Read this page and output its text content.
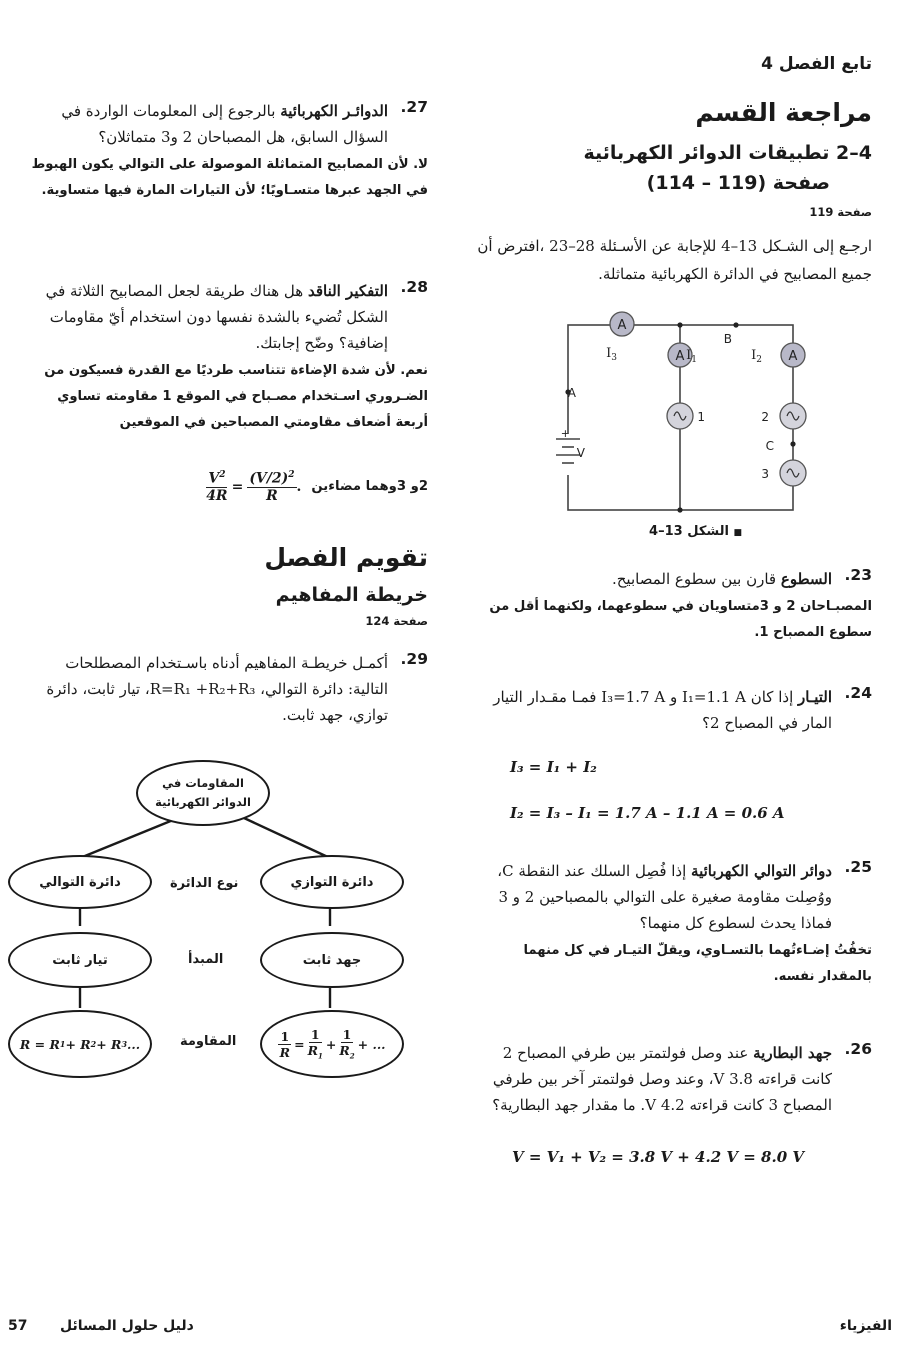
تابع الفصل 4
مراجعة القسم
4–2 تطبيقات الدوائر الكهربائية
صفحة (119 – 114)
صفحة 119
ارجـع إلى الشـكل 13–4 للإجابة عن الأسـئلة 28–23 ،افترض أن جميع المصابيح في الدائرة الكهربائية متماثلة.
A
$I_3$	A $I_1$	A
$I_2$
B
A
+
V
1	2
C
3
■ الشكل 13–4
23.
السطوع قارن بين سطوع المصابيح.
المصبـاحان 2 و 3متساويان في سطوعهما، ولكنهما أقل من سطوع المصباح 1.
24.
التيـار إذا كان I₁=1.1 A و I₃=1.7 A فمـا مقـدار التيار المار في المصباح 2؟
I₃ = I₁ + I₂
I₂ = I₃ – I₁ = 1.7 A – 1.1 A = 0.6 A
25.
دوائر التوالي الكهربائية إذا فُصِل السلك عند النقطة C، ووُصِلت مقاومة صغيرة على التوالي بالمصباحين 2 و 3 فماذا يحدث لسطوع كل منهما؟
تخفُتُ إضـاءتُهما بالتسـاوي، ويقلّ التيـار في كل منهما بالمقدار نفسه.
26.
جهد البطارية عند وصل فولتمتر بين طرفي المصباح 2 كانت قراءته 3.8 V، وعند وصل فولتمتر آخر بين طرفي المصباح 3 كانت قراءته 4.2 V. ما مقدار جهد البطارية؟
V = V₁ + V₂ = 3.8 V + 4.2 V = 8.0 V
27.
الدوائـر الكهربائية بالرجوع إلى المعلومات الواردة في السؤال السابق، هل المصباحان 2 و3 متماثلان؟
لا. لأن المصابيح المتماثلة الموصولة على التوالي يكون الهبوط في الجهد عبرها متسـاويًا؛ لأن التيارات المارة فيها متساوية.
28.
التفكير الناقد هل هناك طريقة لجعل المصابيح الثلاثة في الشكل تُضيء بالشدة نفسها دون استخدام أيّ مقاومات إضافية؟ وضّح إجابتك.
نعم. لأن شدة الإضاءة تتناسب طرديًا مع القدرة فسيكون من الضـروري اسـتخدام مصـباح في الموقع 1 مقاومته تساوي أربعة أضعاف مقاومتي المصباحين في الموقعين
2و 3وهما مضاءين
$\frac{V^2}{4R} = \frac{(V/2)^2}{R}$ .
تقويم الفصل
خريطة المفاهيم
صفحة 124
29.
أكمـل خريطـة المفاهيم أدناه باسـتخدام المصطلحات التالية: دائرة التوالي، R=R₁ +R₂+R₃، تيار ثابت، دائرة توازي، جهد ثابت.
المقاومات في
الدوائر الكهربائية
دائرة التوالي	دائرة التوازي
نوع الدائرة
تيار ثابت	جهد ثابت
المبدأ
R = R 1 + R 2 + R 3 ...	$\frac{1}{R} = \frac{1}{R_1} + \frac{1}{R_2}$ + ...
المقاومة
57 دليل حلول المسائل	الفيزياء
